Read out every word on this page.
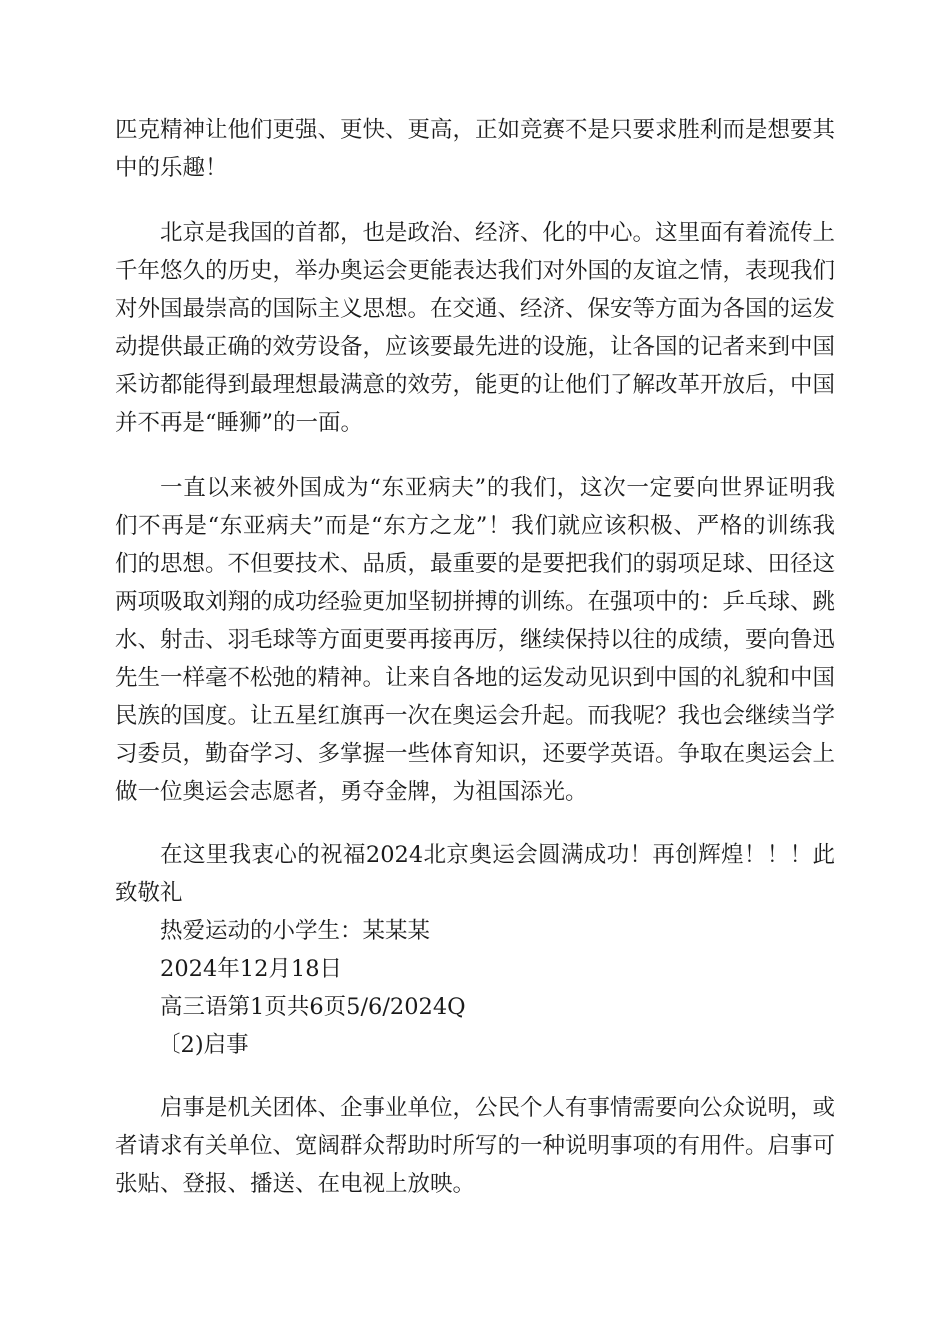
匹克精神让他们更强、更快、更高，正如竞赛不是只要求胜利而是想要其中的乐趣！

北京是我国的首都，也是政治、经济、化的中心。这里面有着流传上千年悠久的历史，举办奥运会更能表达我们对外国的友谊之情，表现我们对外国最崇高的国际主义思想。在交通、经济、保安等方面为各国的运发动提供最正确的效劳设备，应该要最先进的设施，让各国的记者来到中国采访都能得到最理想最满意的效劳，能更的让他们了解改革开放后，中国并不再是“睡狮”的一面。

一直以来被外国成为“东亚病夫”的我们，这次一定要向世界证明我们不再是“东亚病夫”而是“东方之龙”！我们就应该积极、严格的训练我们的思想。不但要技术、品质，最重要的是要把我们的弱项足球、田径这两项吸取刘翔的成功经验更加坚韧拼搏的训练。在强项中的：乒乓球、跳水、射击、羽毛球等方面更要再接再厉，继续保持以往的成绩，要向鲁迅先生一样毫不松弛的精神。让来自各地的运发动见识到中国的礼貌和中国民族的国度。让五星红旗再一次在奥运会升起。而我呢？我也会继续当学习委员，勤奋学习、多掌握一些体育知识，还要学英语。争取在奥运会上做一位奥运会志愿者，勇夺金牌，为祖国添光。

在这里我衷心的祝福2024北京奥运会圆满成功！再创辉煌！！！此致敬礼

热爱运动的小学生：某某某

2024年12月18日

高三语第1页共6页5/6/2024Q

〔2)启事

启事是机关团体、企事业单位，公民个人有事情需要向公众说明，或者请求有关单位、宽阔群众帮助时所写的一种说明事项的有用件。启事可张贴、登报、播送、在电视上放映。
